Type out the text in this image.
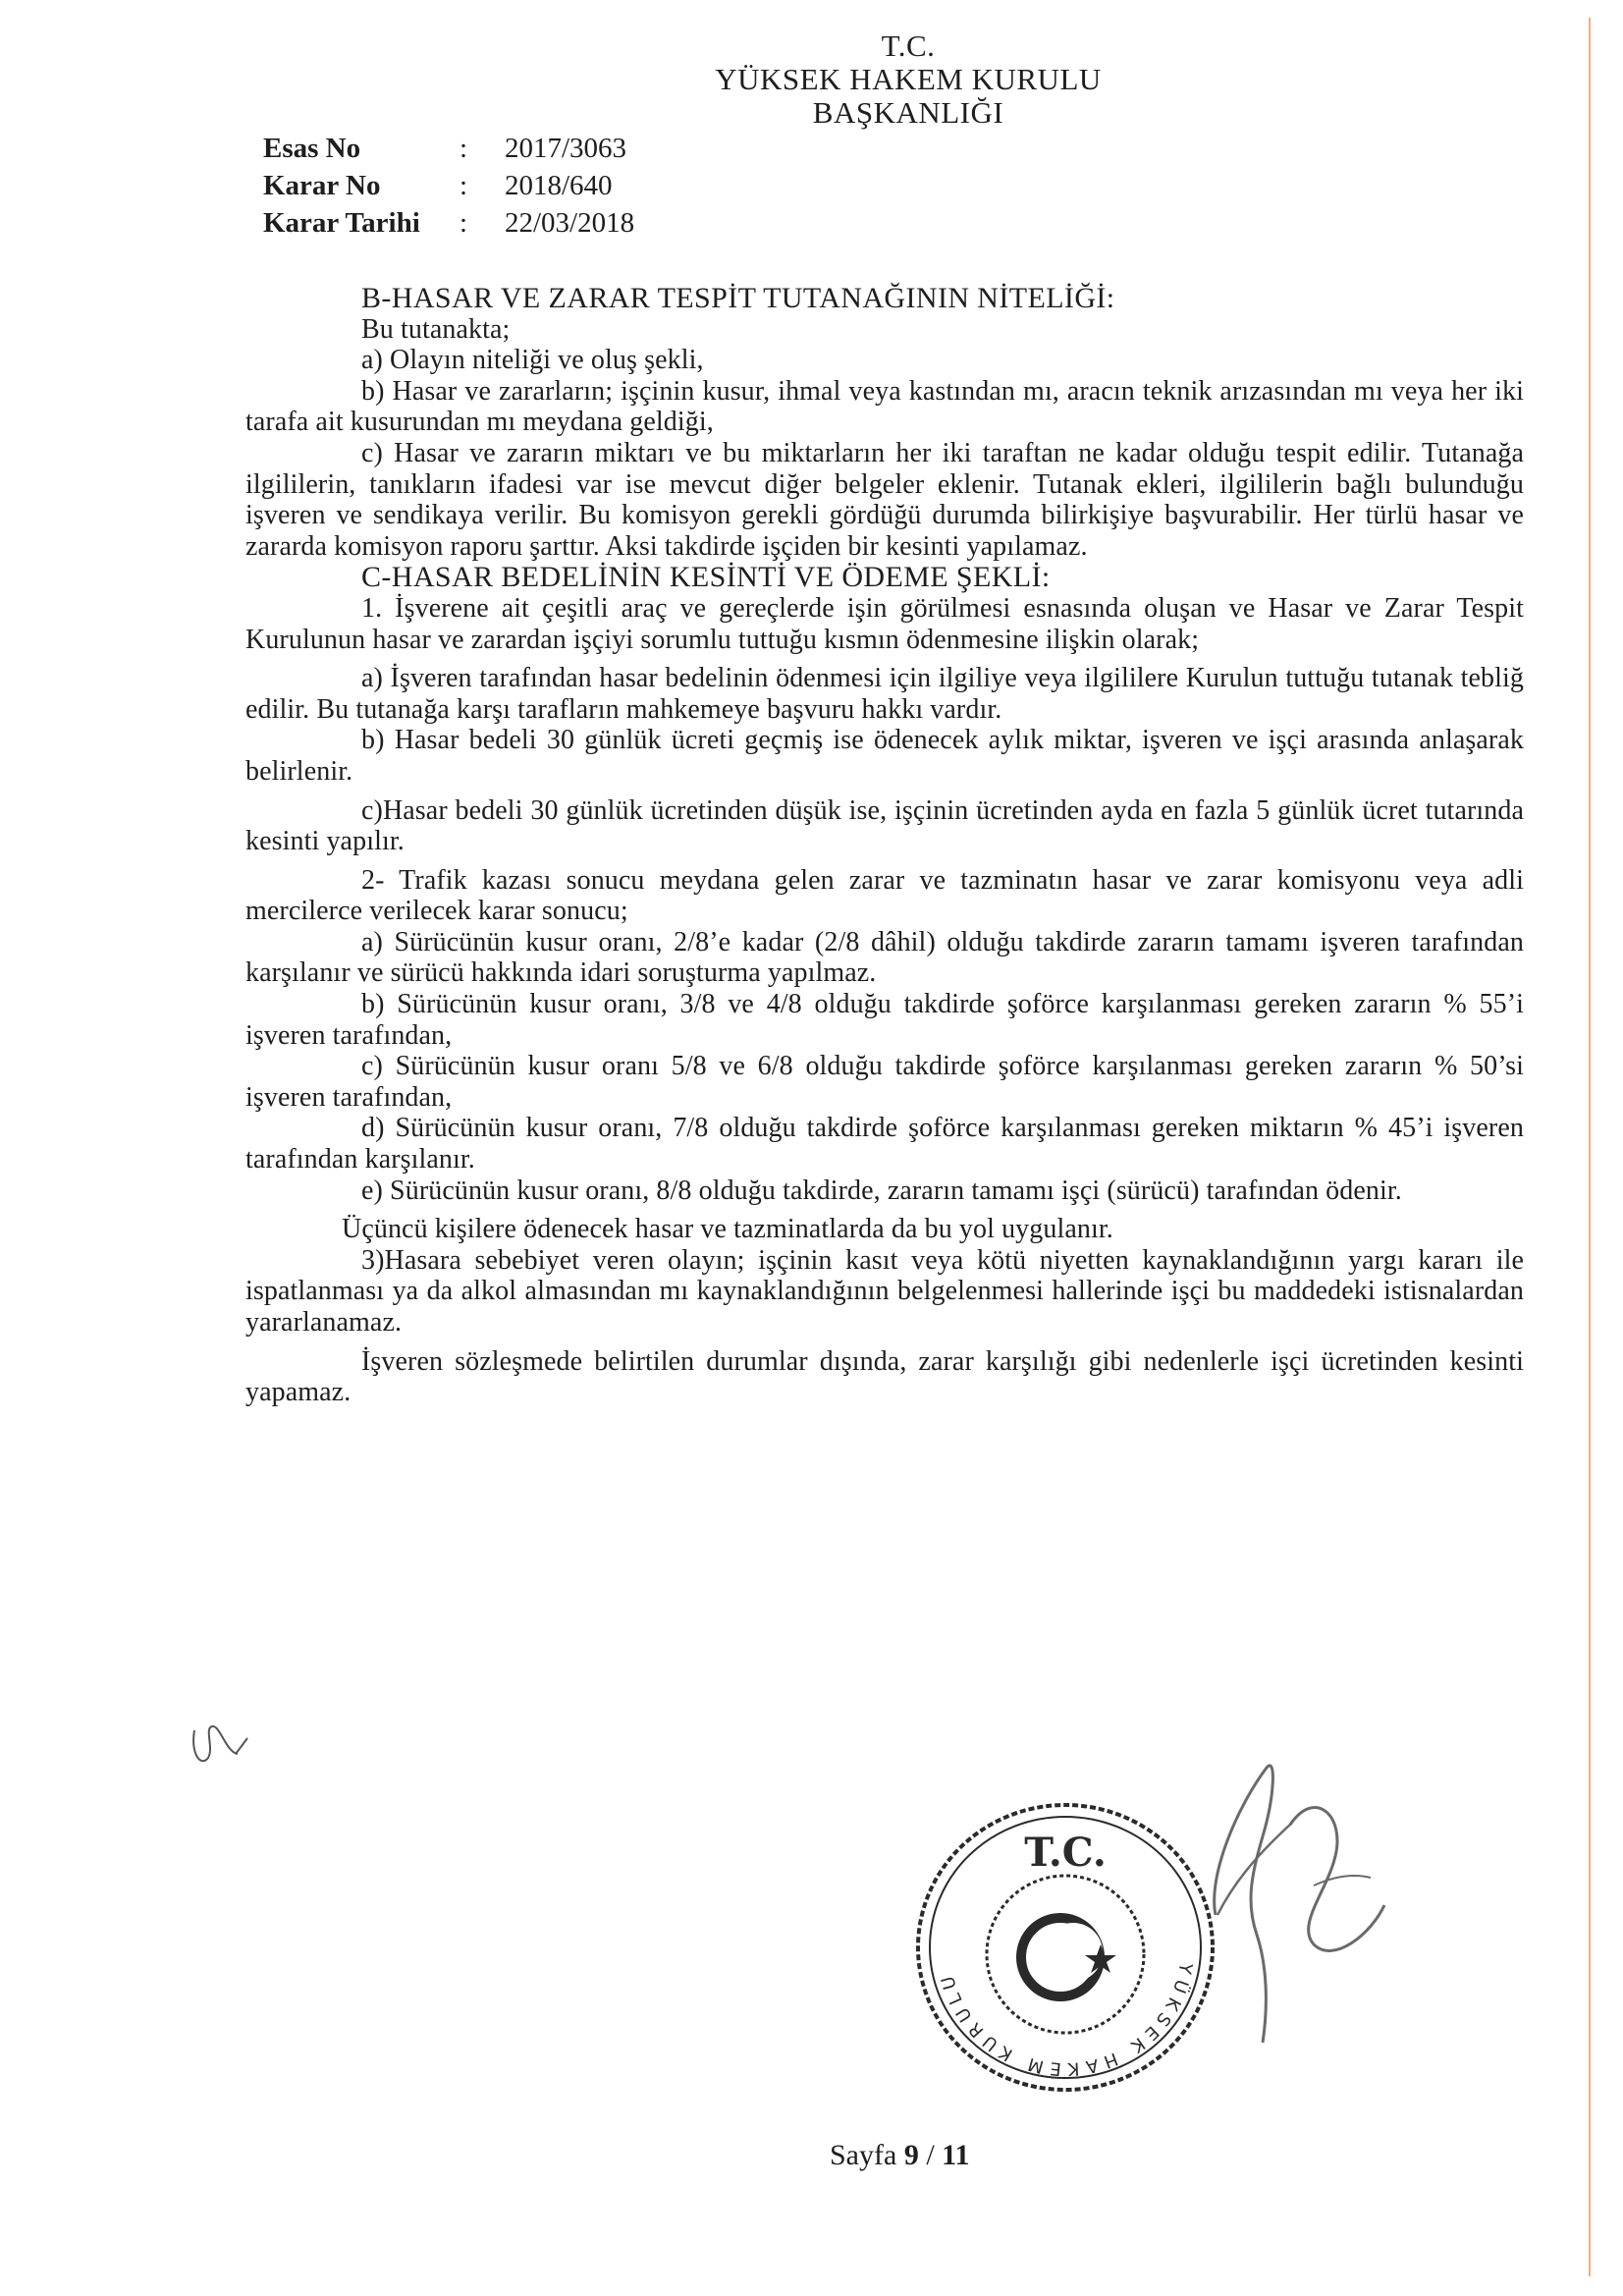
T.C.
YÜKSEK HAKEM KURULU
BAŞKANLIĞI
Esas No	:	2017/3063
Karar No	:	2018/640
Karar Tarihi	:	22/03/2018

B-HASAR VE ZARAR TESPİT TUTANAĞININ NİTELİĞİ:

Bu tutanakta;

a) Olayın niteliği ve oluş şekli,

b) Hasar ve zararların; işçinin kusur, ihmal veya kastından mı, aracın teknik arızasından mı veya her iki tarafa ait kusurundan mı meydana geldiği,

c) Hasar ve zararın miktarı ve bu miktarların her iki taraftan ne kadar olduğu tespit edilir. Tutanağa ilgililerin, tanıkların ifadesi var ise mevcut diğer belgeler eklenir. Tutanak ekleri, ilgililerin bağlı bulunduğu işveren ve sendikaya verilir. Bu komisyon gerekli gördüğü durumda bilirkişiye başvurabilir. Her türlü hasar ve zararda komisyon raporu şarttır. Aksi takdirde işçiden bir kesinti yapılamaz.

C-HASAR BEDELİNİN KESİNTİ VE ÖDEME ŞEKLİ:

1. İşverene ait çeşitli araç ve gereçlerde işin görülmesi esnasında oluşan ve Hasar ve Zarar Tespit Kurulunun hasar ve zarardan işçiyi sorumlu tuttuğu kısmın ödenmesine ilişkin olarak;

a) İşveren tarafından hasar bedelinin ödenmesi için ilgiliye veya ilgililere Kurulun tuttuğu tutanak tebliğ edilir. Bu tutanağa karşı tarafların mahkemeye başvuru hakkı vardır.

b) Hasar bedeli 30 günlük ücreti geçmiş ise ödenecek aylık miktar, işveren ve işçi arasında anlaşarak belirlenir.

c)Hasar bedeli 30 günlük ücretinden düşük ise, işçinin ücretinden ayda en fazla 5 günlük ücret tutarında kesinti yapılır.

2- Trafik kazası sonucu meydana gelen zarar ve tazminatın hasar ve zarar komisyonu veya adli mercilerce verilecek karar sonucu;

a) Sürücünün kusur oranı, 2/8’e kadar (2/8 dâhil) olduğu takdirde zararın tamamı işveren tarafından karşılanır ve sürücü hakkında idari soruşturma yapılmaz.

b) Sürücünün kusur oranı, 3/8 ve 4/8 olduğu takdirde şoförce karşılanması gereken zararın % 55’i işveren tarafından,

c) Sürücünün kusur oranı 5/8 ve 6/8 olduğu takdirde şoförce karşılanması gereken zararın % 50’si işveren tarafından,

d) Sürücünün kusur oranı, 7/8 olduğu takdirde şoförce karşılanması gereken miktarın % 45’i işveren tarafından karşılanır.

e) Sürücünün kusur oranı, 8/8 olduğu takdirde, zararın tamamı işçi (sürücü) tarafından ödenir.

Üçüncü kişilere ödenecek hasar ve tazminatlarda da bu yol uygulanır.

3)Hasara sebebiyet veren olayın; işçinin kasıt veya kötü niyetten kaynaklandığının yargı kararı ile ispatlanması ya da alkol almasından mı kaynaklandığının belgelenmesi hallerinde işçi bu maddedeki istisnalardan yararlanamaz.

İşveren sözleşmede belirtilen durumlar dışında, zarar karşılığı gibi nedenlerle işçi ücretinden kesinti yapamaz.

T.C.
YÜKSEK HAKEM KURULU
Sayfa 9 / 11
